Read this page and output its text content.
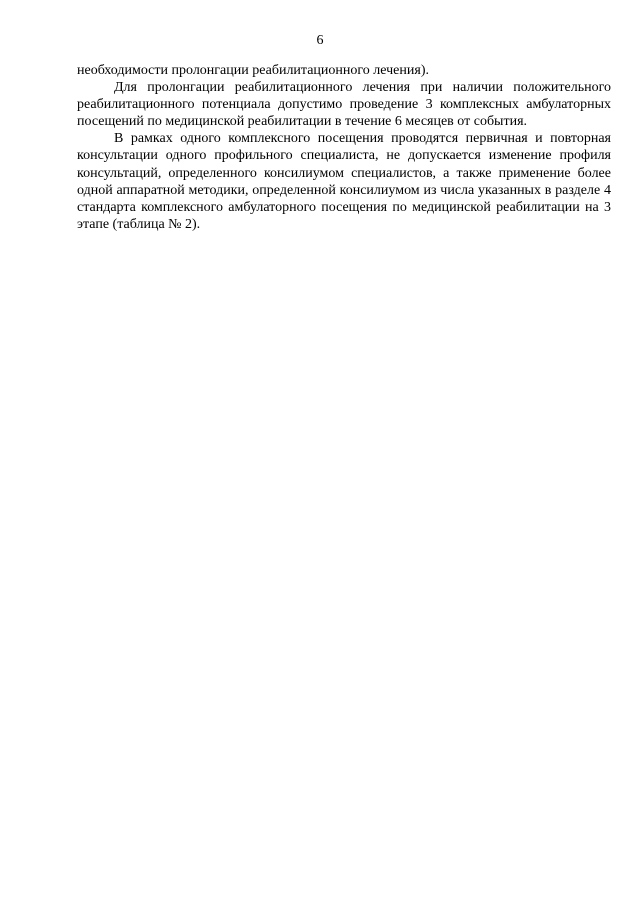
6

необходимости пролонгации реабилитационного лечения).

Для пролонгации реабилитационного лечения при наличии положительного реабилитационного потенциала допустимо проведение 3 комплексных амбулаторных посещений по медицинской реабилитации в течение 6 месяцев от события.

В рамках одного комплексного посещения проводятся первичная и повторная консультации одного профильного специалиста, не допускается изменение профиля консультаций, определенного консилиумом специалистов, а также применение более одной аппаратной методики, определенной консилиумом из числа указанных в разделе 4 стандарта комплексного амбулаторного посещения по медицинской реабилитации на 3 этапе (таблица № 2).
